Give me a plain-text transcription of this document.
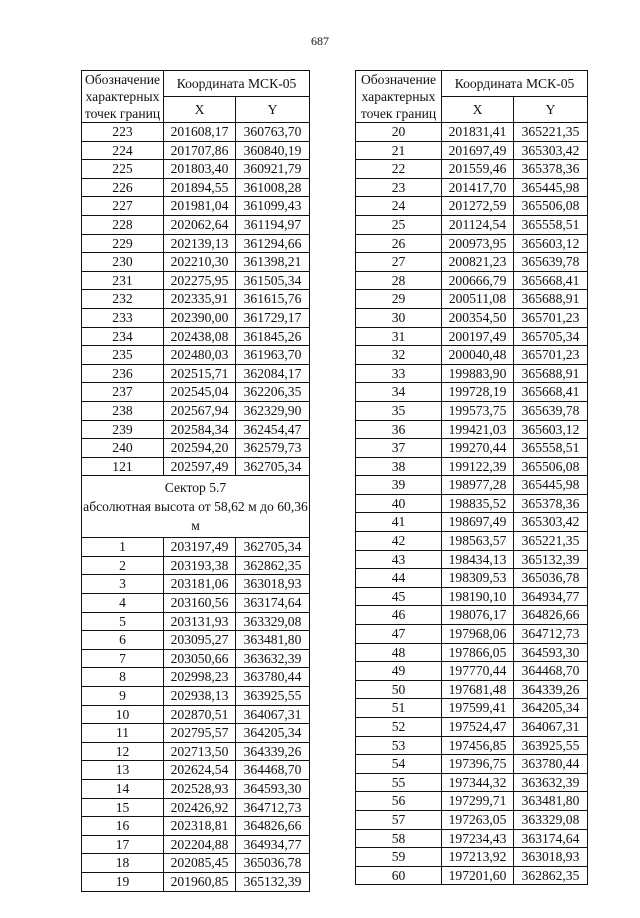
687
Обозначение характерных точек границ	Координата МСК-05	
	X	Y
223	201608,17	360763,70
224	201707,86	360840,19
225	201803,40	360921,79
226	201894,55	361008,28
227	201981,04	361099,43
228	202062,64	361194,97
229	202139,13	361294,66
230	202210,30	361398,21
231	202275,95	361505,34
232	202335,91	361615,76
233	202390,00	361729,17
234	202438,08	361845,26
235	202480,03	361963,70
236	202515,71	362084,17
237	202545,04	362206,35
238	202567,94	362329,90
239	202584,34	362454,47
240	202594,20	362579,73
121	202597,49	362705,34

Сектор 5.7
абсолютная высота от 58,62 м до 60,36 м		

1	203197,49	362705,34
2	203193,38	362862,35
3	203181,06	363018,93
4	203160,56	363174,64
5	203131,93	363329,08
6	203095,27	363481,80
7	203050,66	363632,39
8	202998,23	363780,44
9	202938,13	363925,55
10	202870,51	364067,31
11	202795,57	364205,34
12	202713,50	364339,26
13	202624,54	364468,70
14	202528,93	364593,30
15	202426,92	364712,73
16	202318,81	364826,66
17	202204,88	364934,77
18	202085,45	365036,78
19	201960,85	365132,39
Обозначение характерных точек границ	Координата МСК-05	
	X	Y
20	201831,41	365221,35
21	201697,49	365303,42
22	201559,46	365378,36
23	201417,70	365445,98
24	201272,59	365506,08
25	201124,54	365558,51
26	200973,95	365603,12
27	200821,23	365639,78
28	200666,79	365668,41
29	200511,08	365688,91
30	200354,50	365701,23
31	200197,49	365705,34
32	200040,48	365701,23
33	199883,90	365688,91
34	199728,19	365668,41
35	199573,75	365639,78
36	199421,03	365603,12
37	199270,44	365558,51
38	199122,39	365506,08
39	198977,28	365445,98
40	198835,52	365378,36
41	198697,49	365303,42
42	198563,57	365221,35
43	198434,13	365132,39
44	198309,53	365036,78
45	198190,10	364934,77
46	198076,17	364826,66
47	197968,06	364712,73
48	197866,05	364593,30
49	197770,44	364468,70
50	197681,48	364339,26
51	197599,41	364205,34
52	197524,47	364067,31
53	197456,85	363925,55
54	197396,75	363780,44
55	197344,32	363632,39
56	197299,71	363481,80
57	197263,05	363329,08
58	197234,43	363174,64
59	197213,92	363018,93
60	197201,60	362862,35
